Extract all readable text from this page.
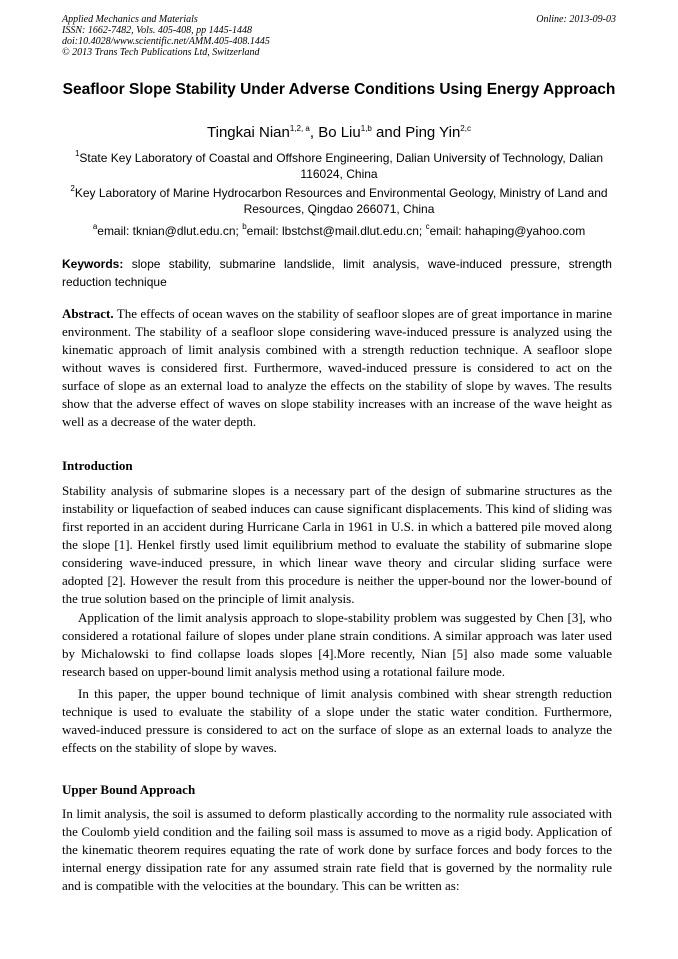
Applied Mechanics and Materials
ISSN: 1662-7482, Vols. 405-408, pp 1445-1448
doi:10.4028/www.scientific.net/AMM.405-408.1445
© 2013 Trans Tech Publications Ltd, Switzerland
Online: 2013-09-03
Seafloor Slope Stability Under Adverse Conditions Using Energy Approach
Tingkai Nian$^{1,2, a}$, Bo Liu$^{1,b}$ and Ping Yin$^{2,c}$
$^1$State Key Laboratory of Coastal and Offshore Engineering, Dalian University of Technology, Dalian 116024, China
$^2$Key Laboratory of Marine Hydrocarbon Resources and Environmental Geology, Ministry of Land and Resources, Qingdao 266071, China
$^a$email: tknian@dlut.edu.cn; $^b$email: lbstchst@mail.dlut.edu.cn; $^c$email: hahaping@yahoo.com
Keywords: slope stability, submarine landslide, limit analysis, wave-induced pressure, strength reduction technique

Abstract. The effects of ocean waves on the stability of seafloor slopes are of great importance in marine environment. The stability of a seafloor slope considering wave-induced pressure is analyzed using the kinematic approach of limit analysis combined with a strength reduction technique. A seafloor slope without waves is considered first. Furthermore, waved-induced pressure is considered to act on the surface of slope as an external load to analyze the effects on the stability of slope by waves. The results show that the adverse effect of waves on slope stability increases with an increase of the wave height as well as a decrease of the water depth.

Introduction

Stability analysis of submarine slopes is a necessary part of the design of submarine structures as the instability or liquefaction of seabed induces can cause significant displacements. This kind of sliding was first reported in an accident during Hurricane Carla in 1961 in U.S. in which a battered pile moved along the slope [1]. Henkel firstly used limit equilibrium method to evaluate the stability of submarine slope considering wave-induced pressure, in which linear wave theory and circular sliding surface were adopted [2]. However the result from this procedure is neither the upper-bound nor the lower-bound of the true solution based on the principle of limit analysis.

Application of the limit analysis approach to slope-stability problem was suggested by Chen [3], who considered a rotational failure of slopes under plane strain conditions. A similar approach was later used by Michalowski to find collapse loads slopes [4].More recently, Nian [5] also made some valuable research based on upper-bound limit analysis method using a rotational failure mode.

In this paper, the upper bound technique of limit analysis combined with shear strength reduction technique is used to evaluate the stability of a slope under the static water condition. Furthermore, waved-induced pressure is considered to act on the surface of slope as an external loads to analyze the effects on the stability of slope by waves.

Upper Bound Approach

In limit analysis, the soil is assumed to deform plastically according to the normality rule associated with the Coulomb yield condition and the failing soil mass is assumed to move as a rigid body. Application of the kinematic theorem requires equating the rate of work done by surface forces and body forces to the internal energy dissipation rate for any assumed strain rate field that is governed by the normality rule and is compatible with the velocities at the boundary. This can be written as:
